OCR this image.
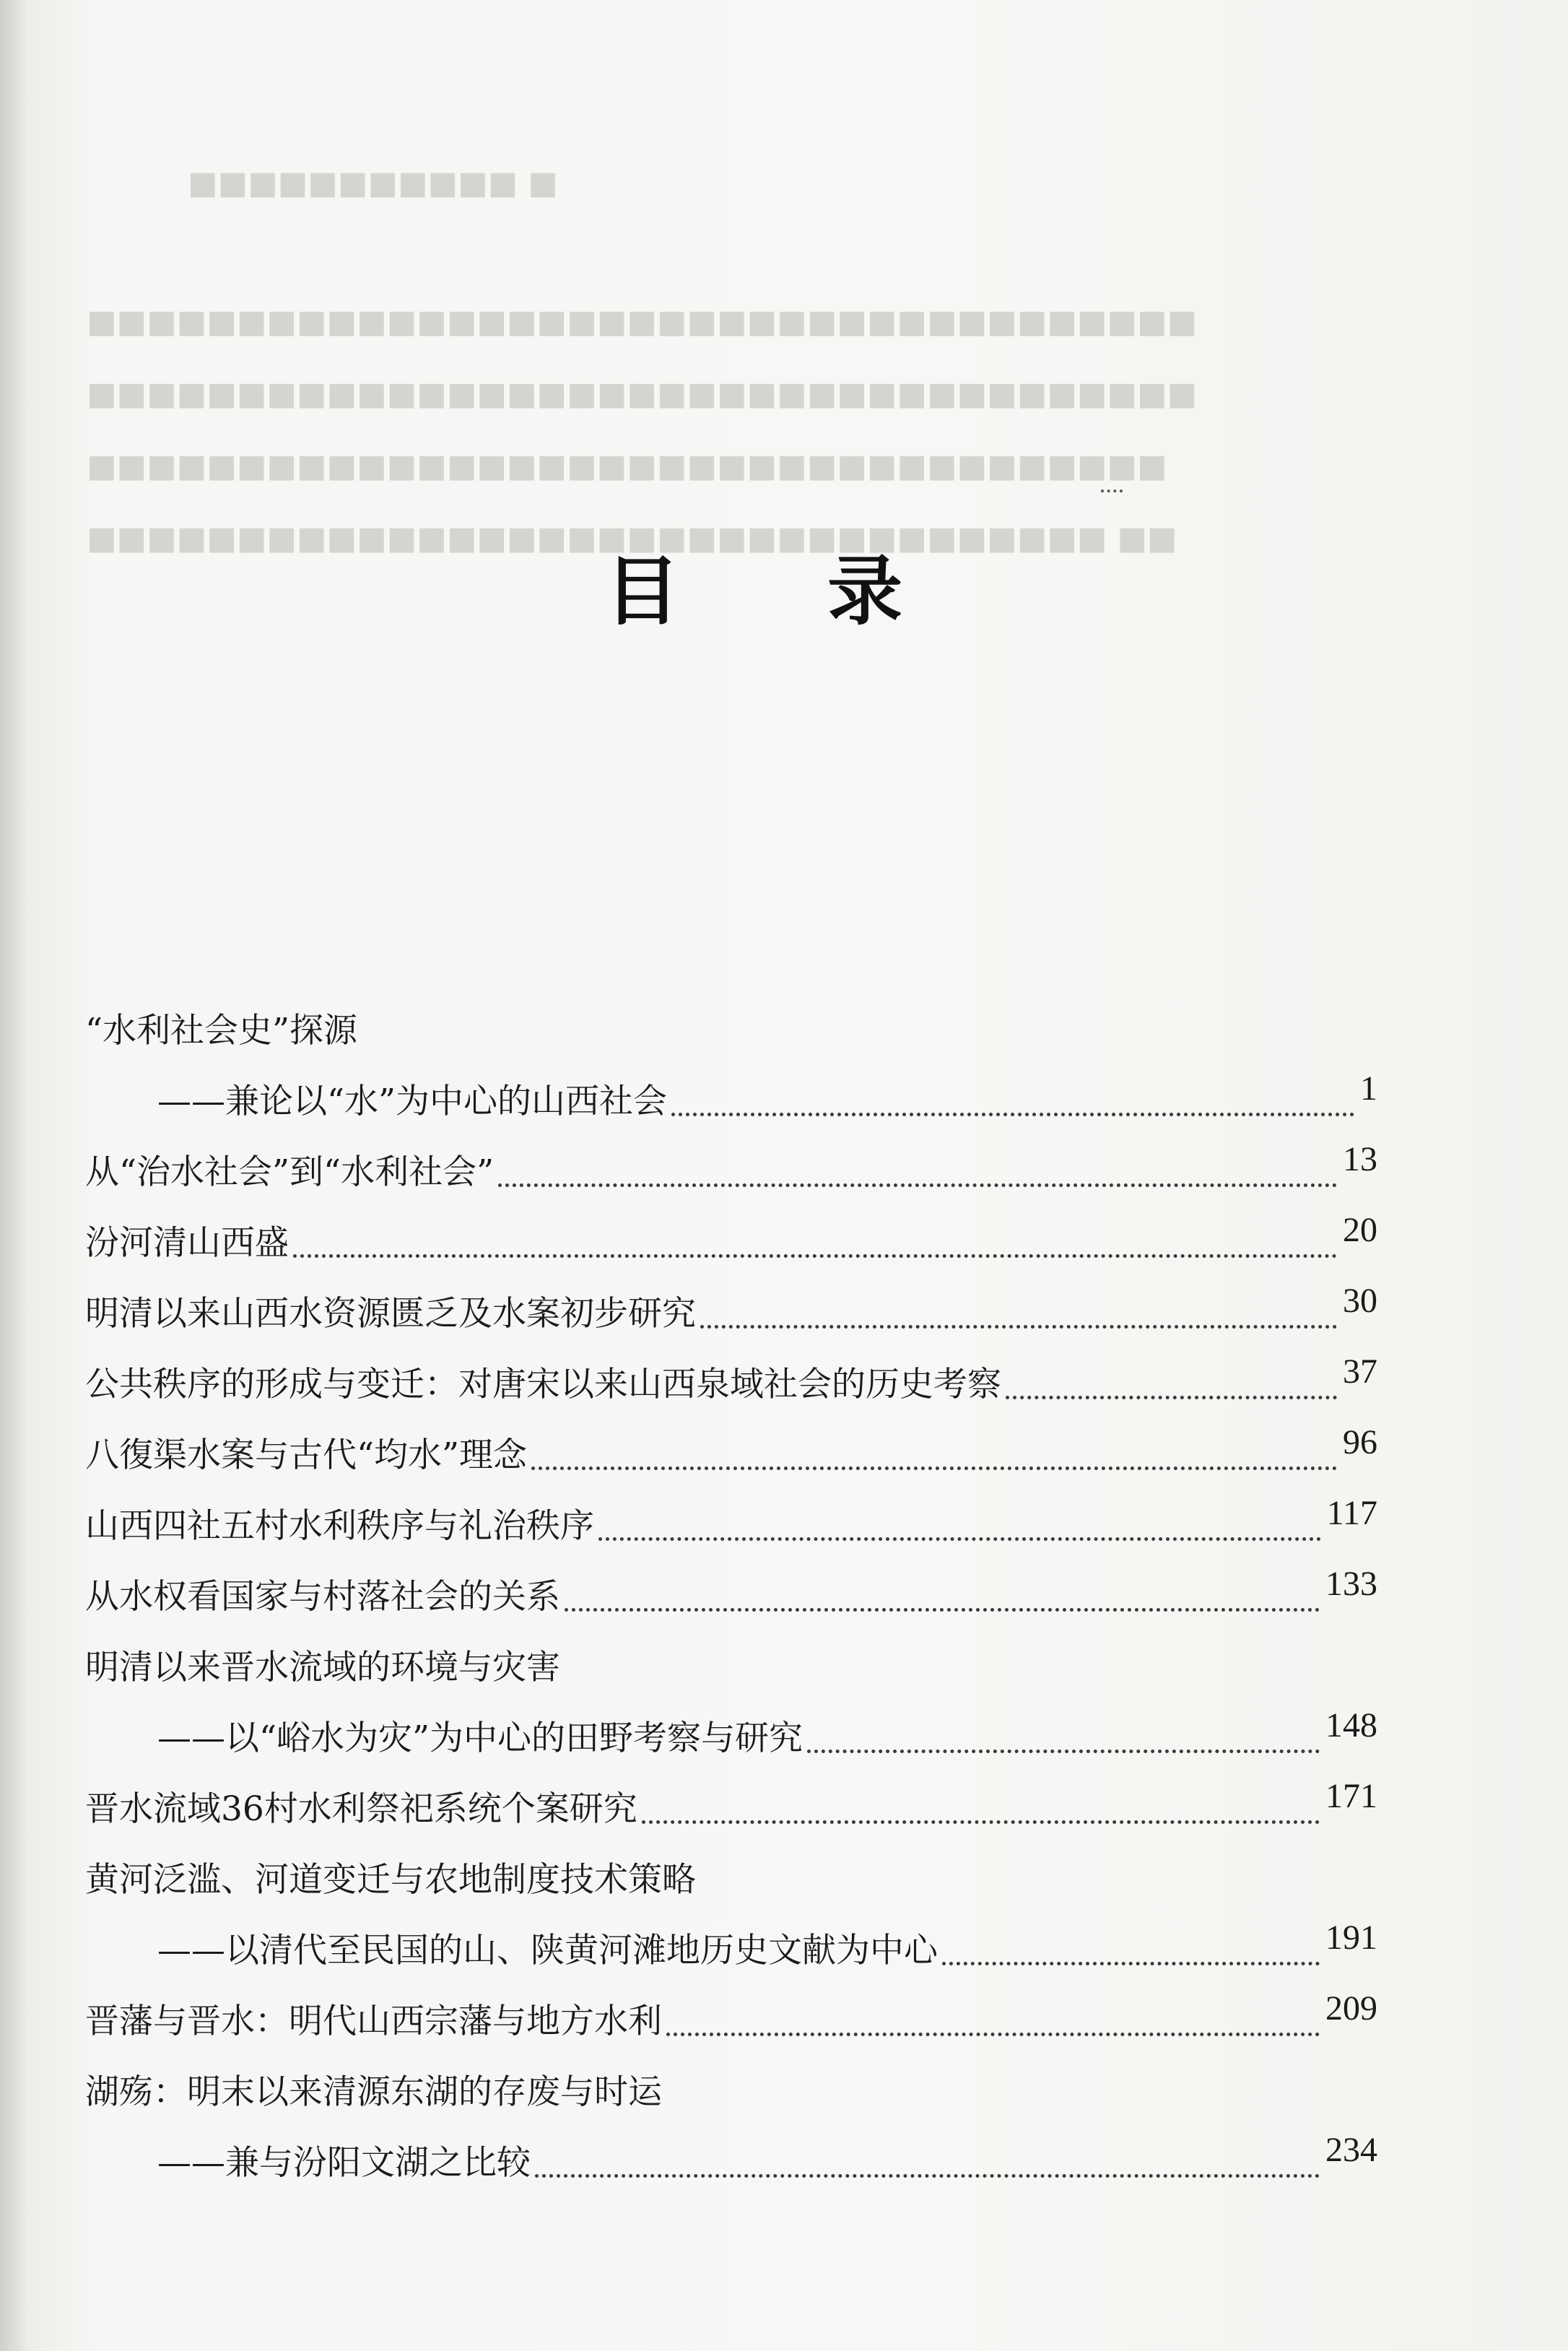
■ ■■■■■■■■■■■
■■■■■■■■■■■■■■■■■■■■■■■■■■■■■■■■■■■■■
■■■■■■■■■■■■■■■■■■■■■■■■■■■■■■■■■■■■■
■■■■■■■■■■■■■■■■■■■■■■■■■■■■■■■■■■■■
■■ ■■■■■■■■■■■■■■■■■■■■■■■■■■■■■■■■■■
目 录
“水利社会史”探源
——兼论以“水”为中心的山西社会	1
从“治水社会”到“水利社会”	13
汾河清山西盛	20
明清以来山西水资源匮乏及水案初步研究	30
公共秩序的形成与变迁：对唐宋以来山西泉域社会的历史考察	37
八復渠水案与古代“均水”理念	96
山西四社五村水利秩序与礼治秩序	117
从水权看国家与村落社会的关系	133
明清以来晋水流域的环境与灾害
——以“峪水为灾”为中心的田野考察与研究	148
晋水流域36村水利祭祀系统个案研究	171
黄河泛滥、河道变迁与农地制度技术策略
——以清代至民国的山、陕黄河滩地历史文献为中心	191
晋藩与晋水：明代山西宗藩与地方水利	209
湖殇：明末以来清源东湖的存废与时运
——兼与汾阳文湖之比较	234
